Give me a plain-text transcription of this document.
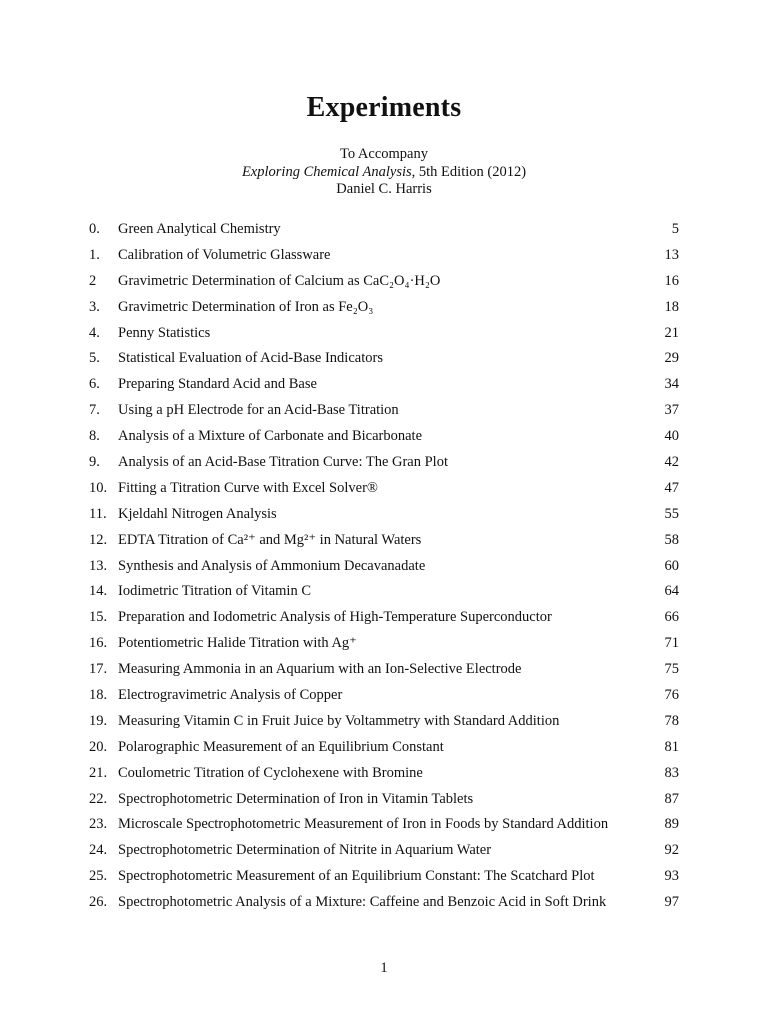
Experiments
To Accompany
Exploring Chemical Analysis, 5th Edition (2012)
Daniel C. Harris
0. Green Analytical Chemistry	5
1. Calibration of Volumetric Glassware	13
2 Gravimetric Determination of Calcium as CaC₂O₄·H₂O	16
3. Gravimetric Determination of Iron as Fe₂O₃	18
4. Penny Statistics	21
5. Statistical Evaluation of Acid-Base Indicators	29
6. Preparing Standard Acid and Base	34
7. Using a pH Electrode for an Acid-Base Titration	37
8. Analysis of a Mixture of Carbonate and Bicarbonate	40
9. Analysis of an Acid-Base Titration Curve: The Gran Plot	42
10. Fitting a Titration Curve with Excel Solver®	47
11. Kjeldahl Nitrogen Analysis	55
12. EDTA Titration of Ca²⁺ and Mg²⁺ in Natural Waters	58
13. Synthesis and Analysis of Ammonium Decavanadate	60
14. Iodimetric Titration of Vitamin C	64
15. Preparation and Iodometric Analysis of High-Temperature Superconductor	66
16. Potentiometric Halide Titration with Ag⁺	71
17. Measuring Ammonia in an Aquarium with an Ion-Selective Electrode	75
18. Electrogravimetric Analysis of Copper	76
19. Measuring Vitamin C in Fruit Juice by Voltammetry with Standard Addition	78
20. Polarographic Measurement of an Equilibrium Constant	81
21. Coulometric Titration of Cyclohexene with Bromine	83
22. Spectrophotometric Determination of Iron in Vitamin Tablets	87
23. Microscale Spectrophotometric Measurement of Iron in Foods by Standard Addition	89
24. Spectrophotometric Determination of Nitrite in Aquarium Water	92
25. Spectrophotometric Measurement of an Equilibrium Constant: The Scatchard Plot	93
26. Spectrophotometric Analysis of a Mixture: Caffeine and Benzoic Acid in Soft Drink	97
1
